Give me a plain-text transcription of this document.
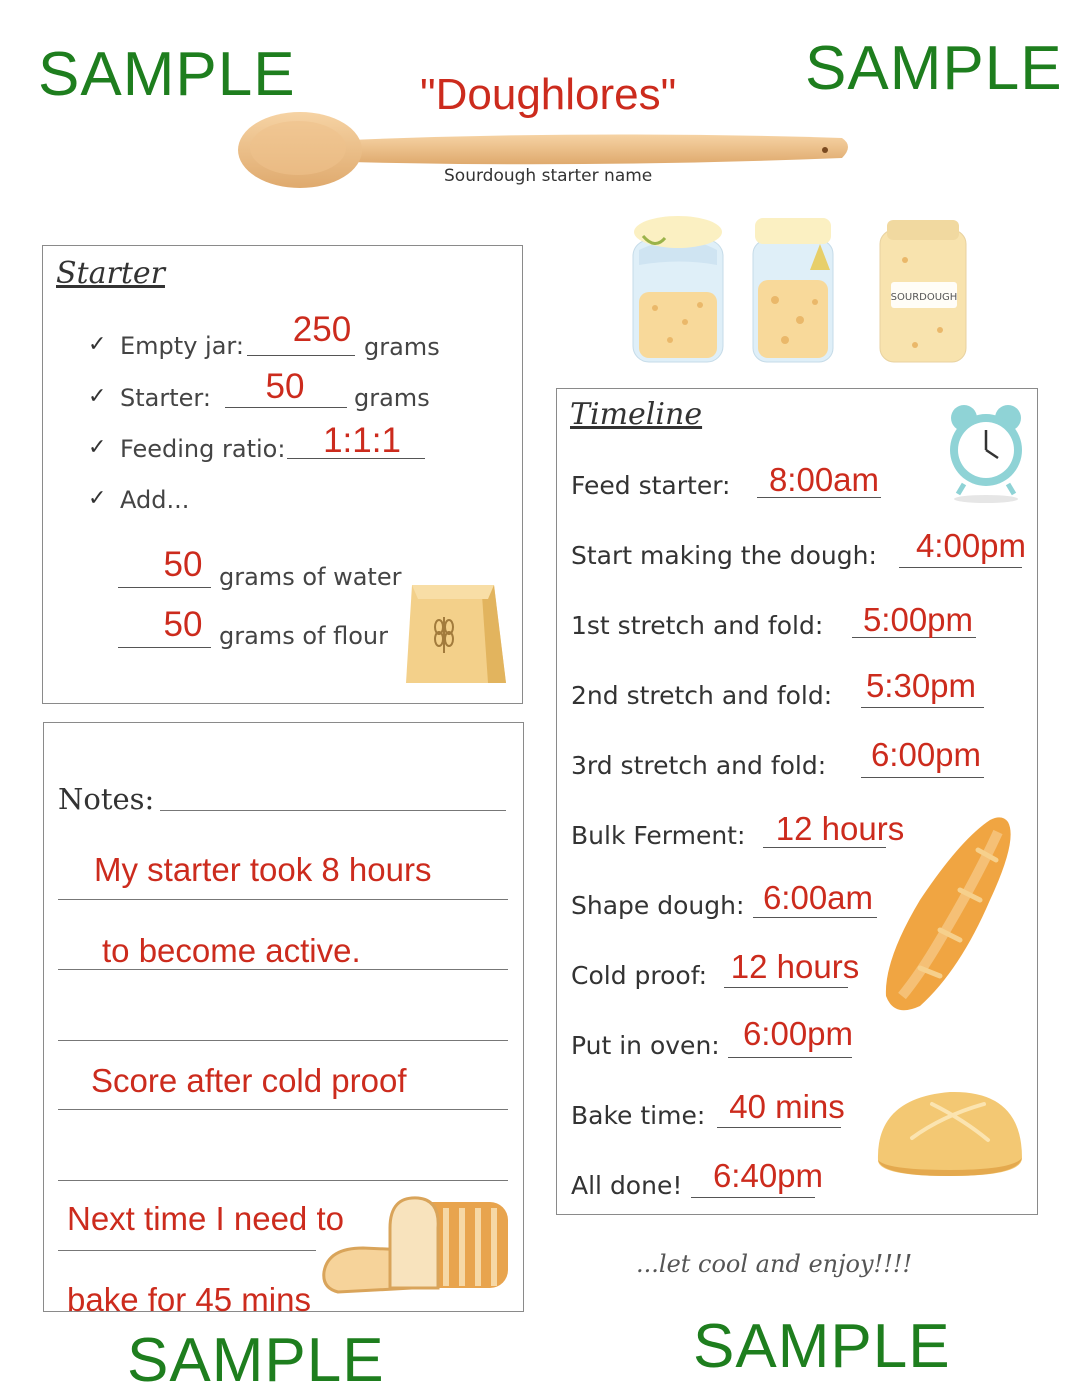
SAMPLE	SAMPLE
SAMPLE	SAMPLE
"Doughlores"
Sourdough starter name
SOURDOUGH
Starter
✓ Empty jar:	250 grams
✓ Starter:	50	grams
✓ Feeding ratio:	1:1:1
✓ Add...
50 grams of water
50 grams of flour
Notes:
My starter took 8 hours
to become active.
Score after cold proof
Next time I need to
bake for 45 mins
Timeline
Feed starter:	8:00am
Start making the dough:	4:00pm
1st stretch and fold:	5:00pm
2nd stretch and fold:	5:30pm
3rd stretch and fold:	6:00pm
Bulk Ferment: 12 hours
Shape dough: 6:00am
Cold proof: 12 hours
Put in oven: 6:00pm
Bake time: 40 mins
All done! 6:40pm
...let cool and enjoy!!!!
